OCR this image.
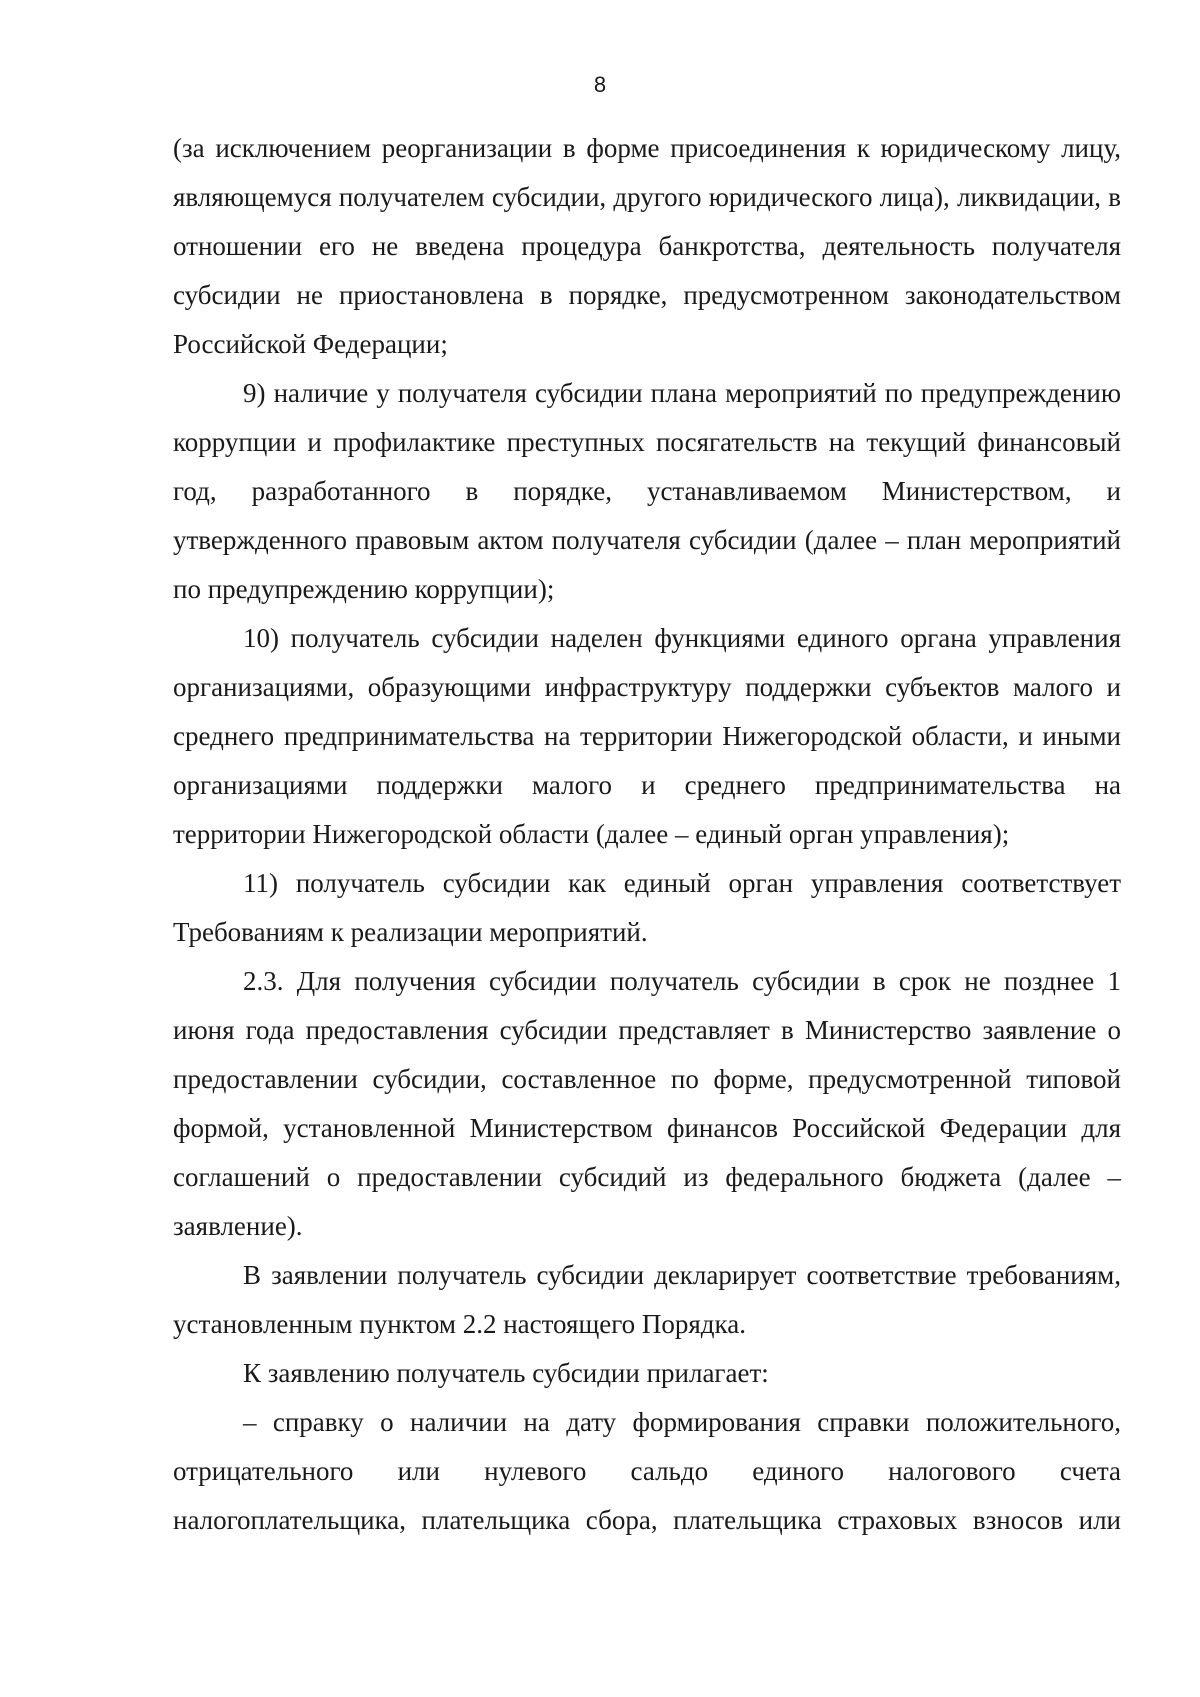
8

(за исключением реорганизации в форме присоединения к юридическому лицу, являющемуся получателем субсидии, другого юридического лица), ликвидации, в отношении его не введена процедура банкротства, деятельность получателя субсидии не приостановлена в порядке, предусмотренном законодательством Российской Федерации;

9) наличие у получателя субсидии плана мероприятий по предупреждению коррупции и профилактике преступных посягательств на текущий финансовый год, разработанного в порядке, устанавливаемом Министерством, и утвержденного правовым актом получателя субсидии (далее – план мероприятий по предупреждению коррупции);

10) получатель субсидии наделен функциями единого органа управления организациями, образующими инфраструктуру поддержки субъектов малого и среднего предпринимательства на территории Нижегородской области, и иными организациями поддержки малого и среднего предпринимательства на территории Нижегородской области (далее – единый орган управления);

11) получатель субсидии как единый орган управления соответствует Требованиям к реализации мероприятий.

2.3. Для получения субсидии получатель субсидии в срок не позднее 1 июня года предоставления субсидии представляет в Министерство заявление о предоставлении субсидии, составленное по форме, предусмотренной типовой формой, установленной Министерством финансов Российской Федерации для соглашений о предоставлении субсидий из федерального бюджета (далее – заявление).

В заявлении получатель субсидии декларирует соответствие требованиям, установленным пунктом 2.2 настоящего Порядка.

К заявлению получатель субсидии прилагает:

– справку о наличии на дату формирования справки положительного, отрицательного или нулевого сальдо единого налогового счета налогоплательщика, плательщика сбора, плательщика страховых взносов или
